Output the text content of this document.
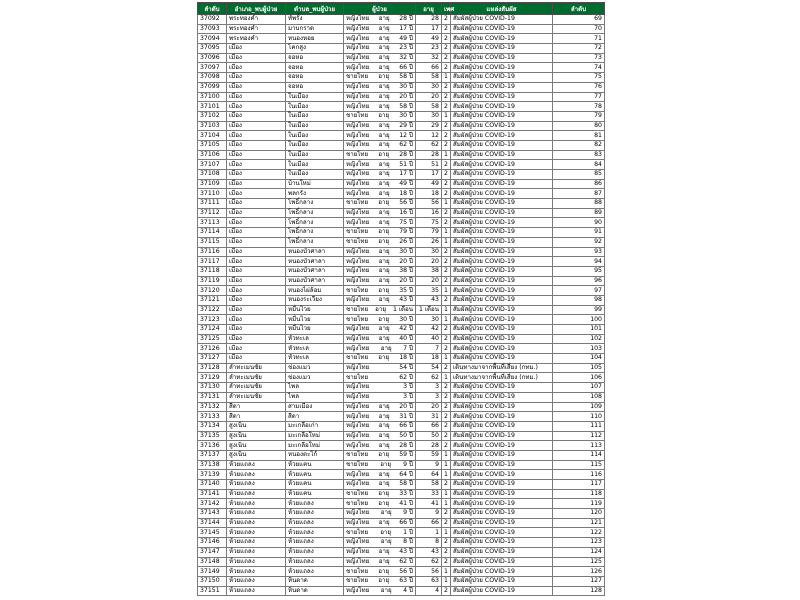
ลำดับ	อำเภอ_พบผู้ป่วย	ตำบล_พบผู้ป่วย	ผู้ป่วย	อายุ	เพศ	แหล่งสัมผัส	ลำดับ
37092	พระทองคำ	ทัพรั้ง	หญิงไทย อายุ 28 ปี	28	2	สัมผัสผู้ป่วย COVID-19	69
37093	พระทองคำ	มาบกราด	หญิงไทย อายุ 17 ปี	17	2	สัมผัสผู้ป่วย COVID-19	70
37094	พระทองคำ	หนองหอย	หญิงไทย อายุ 49 ปี	49	2	สัมผัสผู้ป่วย COVID-19	71
37095	เมือง	โคกสูง	หญิงไทย อายุ 23 ปี	23	2	สัมผัสผู้ป่วย COVID-19	72
37096	เมือง	จอหอ	หญิงไทย อายุ 32 ปี	32	2	สัมผัสผู้ป่วย COVID-19	73
37097	เมือง	จอหอ	หญิงไทย อายุ 66 ปี	66	2	สัมผัสผู้ป่วย COVID-19	74
37098	เมือง	จอหอ	ชายไทย อายุ 58 ปี	58	1	สัมผัสผู้ป่วย COVID-19	75
37099	เมือง	จอหอ	หญิงไทย อายุ 30 ปี	30	2	สัมผัสผู้ป่วย COVID-19	76
37100	เมือง	ในเมือง	หญิงไทย อายุ 20 ปี	20	2	สัมผัสผู้ป่วย COVID-19	77
37101	เมือง	ในเมือง	หญิงไทย อายุ 58 ปี	58	2	สัมผัสผู้ป่วย COVID-19	78
37102	เมือง	ในเมือง	ชายไทย อายุ 30 ปี	30	1	สัมผัสผู้ป่วย COVID-19	79
37103	เมือง	ในเมือง	หญิงไทย อายุ 29 ปี	29	2	สัมผัสผู้ป่วย COVID-19	80
37104	เมือง	ในเมือง	หญิงไทย อายุ 12 ปี	12	2	สัมผัสผู้ป่วย COVID-19	81
37105	เมือง	ในเมือง	หญิงไทย อายุ 62 ปี	62	2	สัมผัสผู้ป่วย COVID-19	82
37106	เมือง	ในเมือง	ชายไทย อายุ 28 ปี	28	1	สัมผัสผู้ป่วย COVID-19	83
37107	เมือง	ในเมือง	หญิงไทย อายุ 51 ปี	51	2	สัมผัสผู้ป่วย COVID-19	84
37108	เมือง	ในเมือง	หญิงไทย อายุ 17 ปี	17	2	สัมผัสผู้ป่วย COVID-19	85
37109	เมือง	บ้านใหม่	หญิงไทย อายุ 49 ปี	49	2	สัมผัสผู้ป่วย COVID-19	86
37110	เมือง	พลกรัง	หญิงไทย อายุ 18 ปี	18	2	สัมผัสผู้ป่วย COVID-19	87
37111	เมือง	โพธิ์กลาง	ชายไทย อายุ 56 ปี	56	1	สัมผัสผู้ป่วย COVID-19	88
37112	เมือง	โพธิ์กลาง	หญิงไทย อายุ 16 ปี	16	2	สัมผัสผู้ป่วย COVID-19	89
37113	เมือง	โพธิ์กลาง	หญิงไทย อายุ 75 ปี	75	2	สัมผัสผู้ป่วย COVID-19	90
37114	เมือง	โพธิ์กลาง	ชายไทย อายุ 79 ปี	79	1	สัมผัสผู้ป่วย COVID-19	91
37115	เมือง	โพธิ์กลาง	ชายไทย อายุ 26 ปี	26	1	สัมผัสผู้ป่วย COVID-19	92
37116	เมือง	หนองบัวศาลา	หญิงไทย อายุ 30 ปี	30	2	สัมผัสผู้ป่วย COVID-19	93
37117	เมือง	หนองบัวศาลา	หญิงไทย อายุ 20 ปี	20	2	สัมผัสผู้ป่วย COVID-19	94
37118	เมือง	หนองบัวศาลา	หญิงไทย อายุ 38 ปี	38	2	สัมผัสผู้ป่วย COVID-19	95
37119	เมือง	หนองบัวศาลา	หญิงไทย อายุ 20 ปี	20	2	สัมผัสผู้ป่วย COVID-19	96
37120	เมือง	หนองไผ่ล้อม	ชายไทย อายุ 35 ปี	35	1	สัมผัสผู้ป่วย COVID-19	97
37121	เมือง	หนองระเวียง	หญิงไทย อายุ 43 ปี	43	2	สัมผัสผู้ป่วย COVID-19	98
37122	เมือง	หมื่นไวย	ชายไทย อายุ 1 เดือน	1 เดือน	1	สัมผัสผู้ป่วย COVID-19	99
37123	เมือง	หมื่นไวย	ชายไทย อายุ 30 ปี	30	1	สัมผัสผู้ป่วย COVID-19	100
37124	เมือง	หมื่นไวย	หญิงไทย อายุ 42 ปี	42	2	สัมผัสผู้ป่วย COVID-19	101
37125	เมือง	หัวทะเล	หญิงไทย อายุ 40 ปี	40	2	สัมผัสผู้ป่วย COVID-19	102
37126	เมือง	หัวทะเล	หญิงไทย อายุ 7 ปี	7	2	สัมผัสผู้ป่วย COVID-19	103
37127	เมือง	หัวทะเล	ชายไทย อายุ 18 ปี	18	1	สัมผัสผู้ป่วย COVID-19	104
37128	ลำทะเมนชัย	ช่องแมว	หญิงไทย 54 ปี	54	2	เดินทางมาจากพื้นที่เสี่ยง (กทม.)	105
37129	ลำทะเมนชัย	ช่องแมว	ชายไทย 62 ปี	62	1	เดินทางมาจากพื้นที่เสี่ยง (กทม.)	106
37130	ลำทะเมนชัย	ไพล	หญิงไทย 3 ปี	3	2	สัมผัสผู้ป่วย COVID-19	107
37131	ลำทะเมนชัย	ไพล	หญิงไทย 3 ปี	3	2	สัมผัสผู้ป่วย COVID-19	108
37132	สีดา	สามเมือง	หญิงไทย อายุ 20 ปี	20	2	สัมผัสผู้ป่วย COVID-19	109
37133	สีดา	สีดา	หญิงไทย อายุ 31 ปี	31	2	สัมผัสผู้ป่วย COVID-19	110
37134	สูงเนิน	มะเกลือเก่า	หญิงไทย อายุ 66 ปี	66	2	สัมผัสผู้ป่วย COVID-19	111
37135	สูงเนิน	มะเกลือใหม่	หญิงไทย อายุ 50 ปี	50	2	สัมผัสผู้ป่วย COVID-19	112
37136	สูงเนิน	มะเกลือใหม่	หญิงไทย อายุ 28 ปี	28	2	สัมผัสผู้ป่วย COVID-19	113
37137	สูงเนิน	หนองตะไก้	ชายไทย อายุ 59 ปี	59	1	สัมผัสผู้ป่วย COVID-19	114
37138	ห้วยแถลง	ห้วยแคน	ชายไทย อายุ 9 ปี	9	1	สัมผัสผู้ป่วย COVID-19	115
37139	ห้วยแถลง	ห้วยแคน	หญิงไทย อายุ 64 ปี	64	1	สัมผัสผู้ป่วย COVID-19	116
37140	ห้วยแถลง	ห้วยแคน	หญิงไทย อายุ 58 ปี	58	2	สัมผัสผู้ป่วย COVID-19	117
37141	ห้วยแถลง	ห้วยแคน	ชายไทย อายุ 33 ปี	33	1	สัมผัสผู้ป่วย COVID-19	118
37142	ห้วยแถลง	ห้วยแถลง	ชายไทย อายุ 41 ปี	41	1	สัมผัสผู้ป่วย COVID-19	119
37143	ห้วยแถลง	ห้วยแถลง	หญิงไทย อายุ 9 ปี	9	2	สัมผัสผู้ป่วย COVID-19	120
37144	ห้วยแถลง	ห้วยแถลง	หญิงไทย อายุ 66 ปี	66	2	สัมผัสผู้ป่วย COVID-19	121
37145	ห้วยแถลง	ห้วยแถลง	ชายไทย อายุ 1 ปี	1	1	สัมผัสผู้ป่วย COVID-19	122
37146	ห้วยแถลง	ห้วยแถลง	หญิงไทย อายุ 8 ปี	8	2	สัมผัสผู้ป่วย COVID-19	123
37147	ห้วยแถลง	ห้วยแถลง	หญิงไทย อายุ 43 ปี	43	2	สัมผัสผู้ป่วย COVID-19	124
37148	ห้วยแถลง	ห้วยแถลง	หญิงไทย อายุ 62 ปี	62	2	สัมผัสผู้ป่วย COVID-19	125
37149	ห้วยแถลง	ห้วยแถลง	ชายไทย อายุ 56 ปี	56	1	สัมผัสผู้ป่วย COVID-19	126
37150	ห้วยแถลง	หินดาด	ชายไทย อายุ 63 ปี	63	1	สัมผัสผู้ป่วย COVID-19	127
37151	ห้วยแถลง	หินดาด	หญิงไทย อายุ 4 ปี	4	2	สัมผัสผู้ป่วย COVID-19	128
